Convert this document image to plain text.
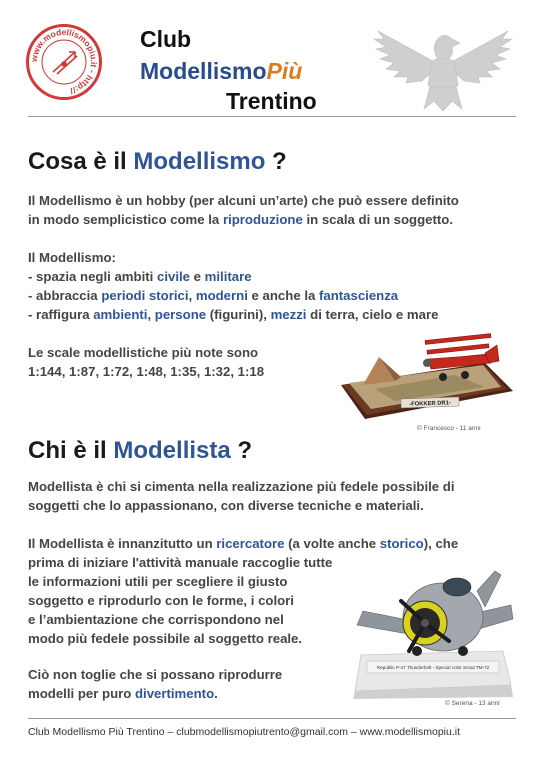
www.modellismopiu.it - http://
Club
ModellismoPiù
Trentino
Cosa è il Modellismo ?

Il Modellismo è un hobby (per alcuni un’arte) che può essere definito
in modo semplicistico come la riproduzione in scala di un soggetto.

Il Modellismo:
- spazia negli ambiti civile e militare
- abbraccia periodi storici, moderni e anche la fantascienza
- raffigura ambienti, persone (figurini), mezzi di terra, cielo e mare

Le scale modellistiche più note sono
1:144, 1:87, 1:72, 1:48, 1:35, 1:32, 1:18

-FOKKER DR1-
© Francesco - 11 anni
Chi è il Modellista ?

Modellista è chi si cimenta nella realizzazione più fedele possibile di
soggetti che lo appassionano, con diverse tecniche e materiali.

Il Modellista è innanzitutto un ricercatore (a volte anche storico), che
prima di iniziare l'attività manuale raccoglie tutte
le informazioni utili per scegliere il giusto
soggetto e riprodurlo con le forme, i colori
e l’ambientazione che corrispondono nel
modo più fedele possibile al soggetto reale.

Ciò non toglie che si possano riprodurre
modelli per puro divertimento.

Republic P-47 Thunderbolt - Special color Scout TM-72
© Serena - 13 anni
Club Modellismo Più Trentino – clubmodellismopiutrento@gmail.com – www.modellismopiu.it
